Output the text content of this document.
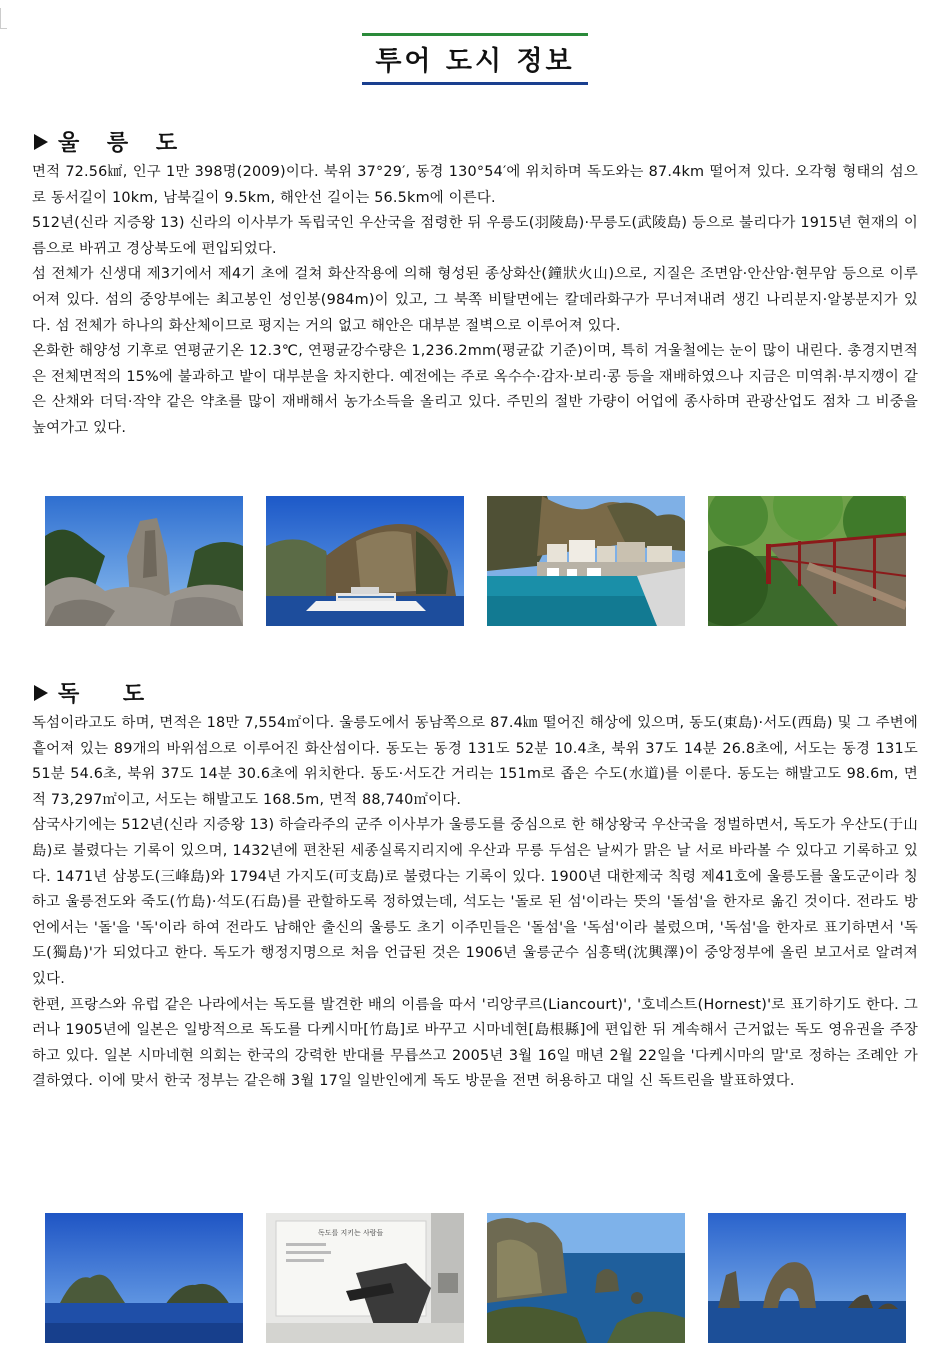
투어 도시 정보
울 릉 도

면적 72.56㎢, 인구 1만 398명(2009)이다. 북위 37°29′, 동경 130°54′에 위치하며 독도와는 87.4km 떨어져 있다. 오각형 형태의 섬으로 동서길이 10km, 남북길이 9.5km, 해안선 길이는 56.5km에 이른다.

512년(신라 지증왕 13) 신라의 이사부가 독립국인 우산국을 점령한 뒤 우릉도(羽陵島)·무릉도(武陵島) 등으로 불리다가 1915년 현재의 이름으로 바뀌고 경상북도에 편입되었다.

섬 전체가 신생대 제3기에서 제4기 초에 걸쳐 화산작용에 의해 형성된 종상화산(鐘狀火山)으로, 지질은 조면암·안산암·현무암 등으로 이루어져 있다. 섬의 중앙부에는 최고봉인 성인봉(984m)이 있고, 그 북쪽 비탈면에는 칼데라화구가 무너져내려 생긴 나리분지·알봉분지가 있다. 섬 전체가 하나의 화산체이므로 평지는 거의 없고 해안은 대부분 절벽으로 이루어져 있다.

온화한 해양성 기후로 연평균기온 12.3℃, 연평균강수량은 1,236.2mm(평균값 기준)이며, 특히 겨울철에는 눈이 많이 내린다. 총경지면적은 전체면적의 15%에 불과하고 밭이 대부분을 차지한다. 예전에는 주로 옥수수·감자·보리·콩 등을 재배하였으나 지금은 미역취·부지깽이 같은 산채와 더덕·작약 같은 약초를 많이 재배해서 농가소득을 올리고 있다. 주민의 절반 가량이 어업에 종사하며 관광산업도 점차 그 비중을 높여가고 있다.

독 도

독섬이라고도 하며, 면적은 18만 7,554㎡이다. 울릉도에서 동남쪽으로 87.4㎞ 떨어진 해상에 있으며, 동도(東島)·서도(西島) 및 그 주변에 흩어져 있는 89개의 바위섬으로 이루어진 화산섬이다. 동도는 동경 131도 52분 10.4초, 북위 37도 14분 26.8초에, 서도는 동경 131도 51분 54.6초, 북위 37도 14분 30.6초에 위치한다. 동도·서도간 거리는 151m로 좁은 수도(水道)를 이룬다. 동도는 해발고도 98.6m, 면적 73,297㎡이고, 서도는 해발고도 168.5m, 면적 88,740㎡이다.

삼국사기에는 512년(신라 지증왕 13) 하슬라주의 군주 이사부가 울릉도를 중심으로 한 해상왕국 우산국을 정벌하면서, 독도가 우산도(于山島)로 불렸다는 기록이 있으며, 1432년에 편찬된 세종실록지리지에 우산과 무릉 두섬은 날씨가 맑은 날 서로 바라볼 수 있다고 기록하고 있다. 1471년 삼봉도(三峰島)와 1794년 가지도(可支島)로 불렸다는 기록이 있다. 1900년 대한제국 칙령 제41호에 울릉도를 울도군이라 칭하고 울릉전도와 죽도(竹島)·석도(石島)를 관할하도록 정하였는데, 석도는 '돌로 된 섬'이라는 뜻의 '돌섬'을 한자로 옮긴 것이다. 전라도 방언에서는 '돌'을 '독'이라 하여 전라도 남해안 출신의 울릉도 초기 이주민들은 '돌섬'을 '독섬'이라 불렀으며, '독섬'을 한자로 표기하면서 '독도(獨島)'가 되었다고 한다. 독도가 행정지명으로 처음 언급된 것은 1906년 울릉군수 심흥택(沈興澤)이 중앙정부에 올린 보고서로 알려져 있다.

한편, 프랑스와 유럽 같은 나라에서는 독도를 발견한 배의 이름을 따서 '리앙쿠르(Liancourt)', '호네스트(Hornest)'로 표기하기도 한다. 그러나 1905년에 일본은 일방적으로 독도를 다케시마[竹島]로 바꾸고 시마네현[島根縣]에 편입한 뒤 계속해서 근거없는 독도 영유권을 주장하고 있다. 일본 시마네현 의회는 한국의 강력한 반대를 무릅쓰고 2005년 3월 16일 매년 2월 22일을 '다케시마의 말'로 정하는 조례안 가결하였다. 이에 맞서 한국 정부는 같은해 3월 17일 일반인에게 독도 방문을 전면 허용하고 대일 신 독트린을 발표하였다.

독도를 지키는 사람들
